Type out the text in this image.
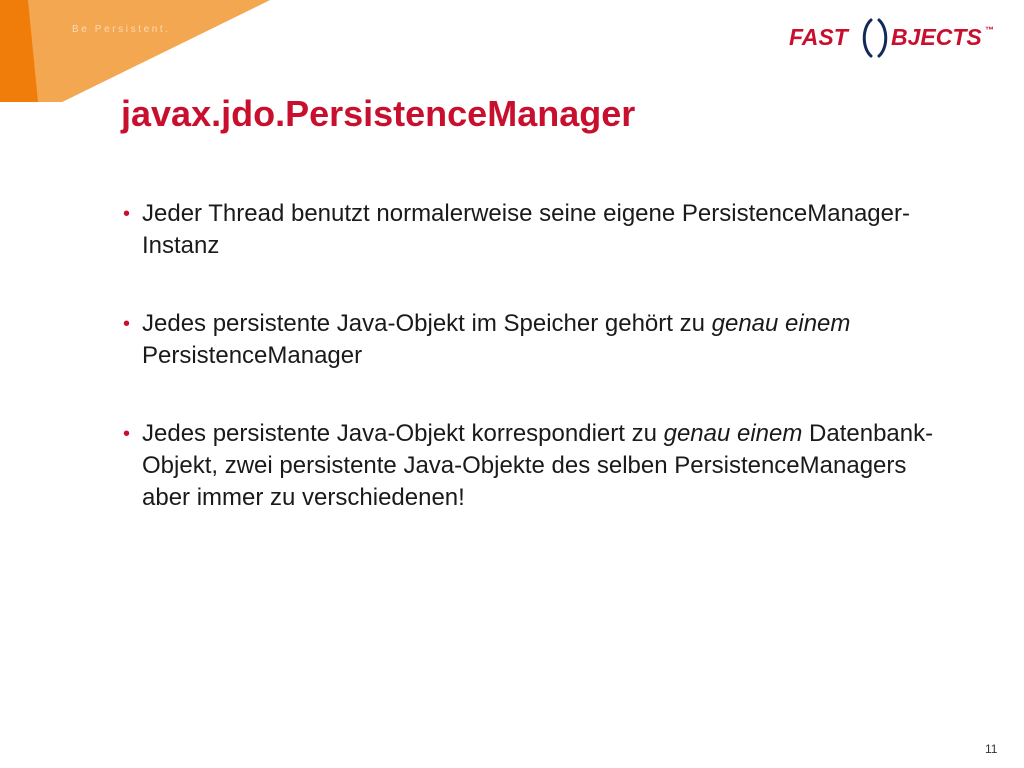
Be Persistent.	FAST BJECTS ™
javax.jdo.PersistenceManager
• Jeder Thread benutzt normalerweise seine eigene PersistenceManager-Instanz
• Jedes persistente Java-Objekt im Speicher gehört zu genau einem PersistenceManager
• Jedes persistente Java-Objekt korrespondiert zu genau einem Datenbank-Objekt, zwei persistente Java-Objekte des selben PersistenceManagers aber immer zu verschiedenen!
11
